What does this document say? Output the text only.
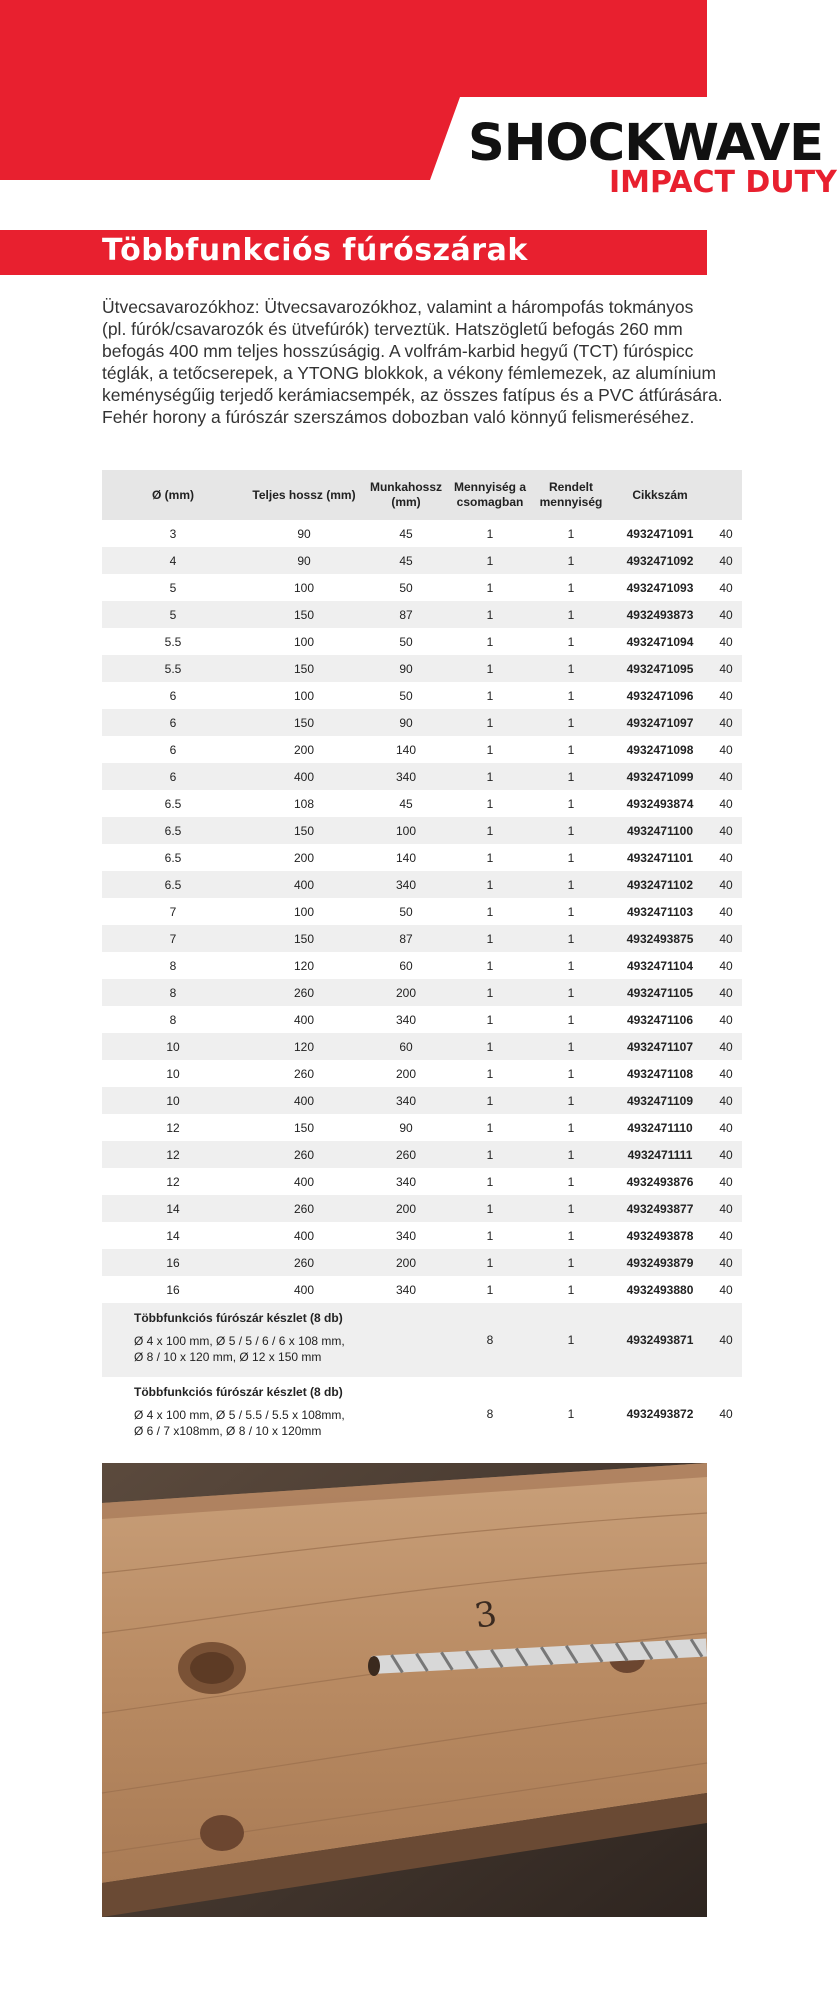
SHOCKWAVE
IMPACT DUTY
Többfunkciós fúrószárak
Ütvecsavarozókhoz: Ütvecsavarozókhoz, valamint a hárompofás tokmányos
(pl. fúrók/csavarozók és ütvefúrók) terveztük. Hatszögletű befogás 260 mm
befogás 400 mm teljes hosszúságig. A volfrám-karbid hegyű (TCT) fúróspicc
téglák, a tetőcserepek, a YTONG blokkok, a vékony fémlemezek, az alumínium
keménységűig terjedő kerámiacsempék, az összes fatípus és a PVC átfúrására.
Fehér horony a fúrószár szerszámos dobozban való könnyű felismeréséhez.
Ø (mm)	Teljes hossz (mm)	Munkahossz (mm)	Mennyiség a csomagban	Rendelt mennyiség	Cikkszám	
3	90	45	1	1	4932471091	40
4	90	45	1	1	4932471092	40
5	100	50	1	1	4932471093	40
5	150	87	1	1	4932493873	40
5.5	100	50	1	1	4932471094	40
5.5	150	90	1	1	4932471095	40
6	100	50	1	1	4932471096	40
6	150	90	1	1	4932471097	40
6	200	140	1	1	4932471098	40
6	400	340	1	1	4932471099	40
6.5	108	45	1	1	4932493874	40
6.5	150	100	1	1	4932471100	40
6.5	200	140	1	1	4932471101	40
6.5	400	340	1	1	4932471102	40
7	100	50	1	1	4932471103	40
7	150	87	1	1	4932493875	40
8	120	60	1	1	4932471104	40
8	260	200	1	1	4932471105	40
8	400	340	1	1	4932471106	40
10	120	60	1	1	4932471107	40
10	260	200	1	1	4932471108	40
10	400	340	1	1	4932471109	40
12	150	90	1	1	4932471110	40
12	260	260	1	1	4932471111	40
12	400	340	1	1	4932493876	40
14	260	200	1	1	4932493877	40
14	400	340	1	1	4932493878	40
16	260	200	1	1	4932493879	40
16	400	340	1	1	4932493880	40
Többfunkciós fúrószár készlet (8 db)			8	1	4932493871	40
Ø 4 x 100 mm, Ø 5 / 5 / 6 / 6 x 108 mm,
Ø 8 / 10 x 120 mm, Ø 12 x 150 mm						
Többfunkciós fúrószár készlet (8 db)			8	1	4932493872	40
Ø 4 x 100 mm, Ø 5 / 5.5 / 5.5 x 108mm,
Ø 6 / 7 x108mm, Ø 8 / 10 x 120mm						
3
